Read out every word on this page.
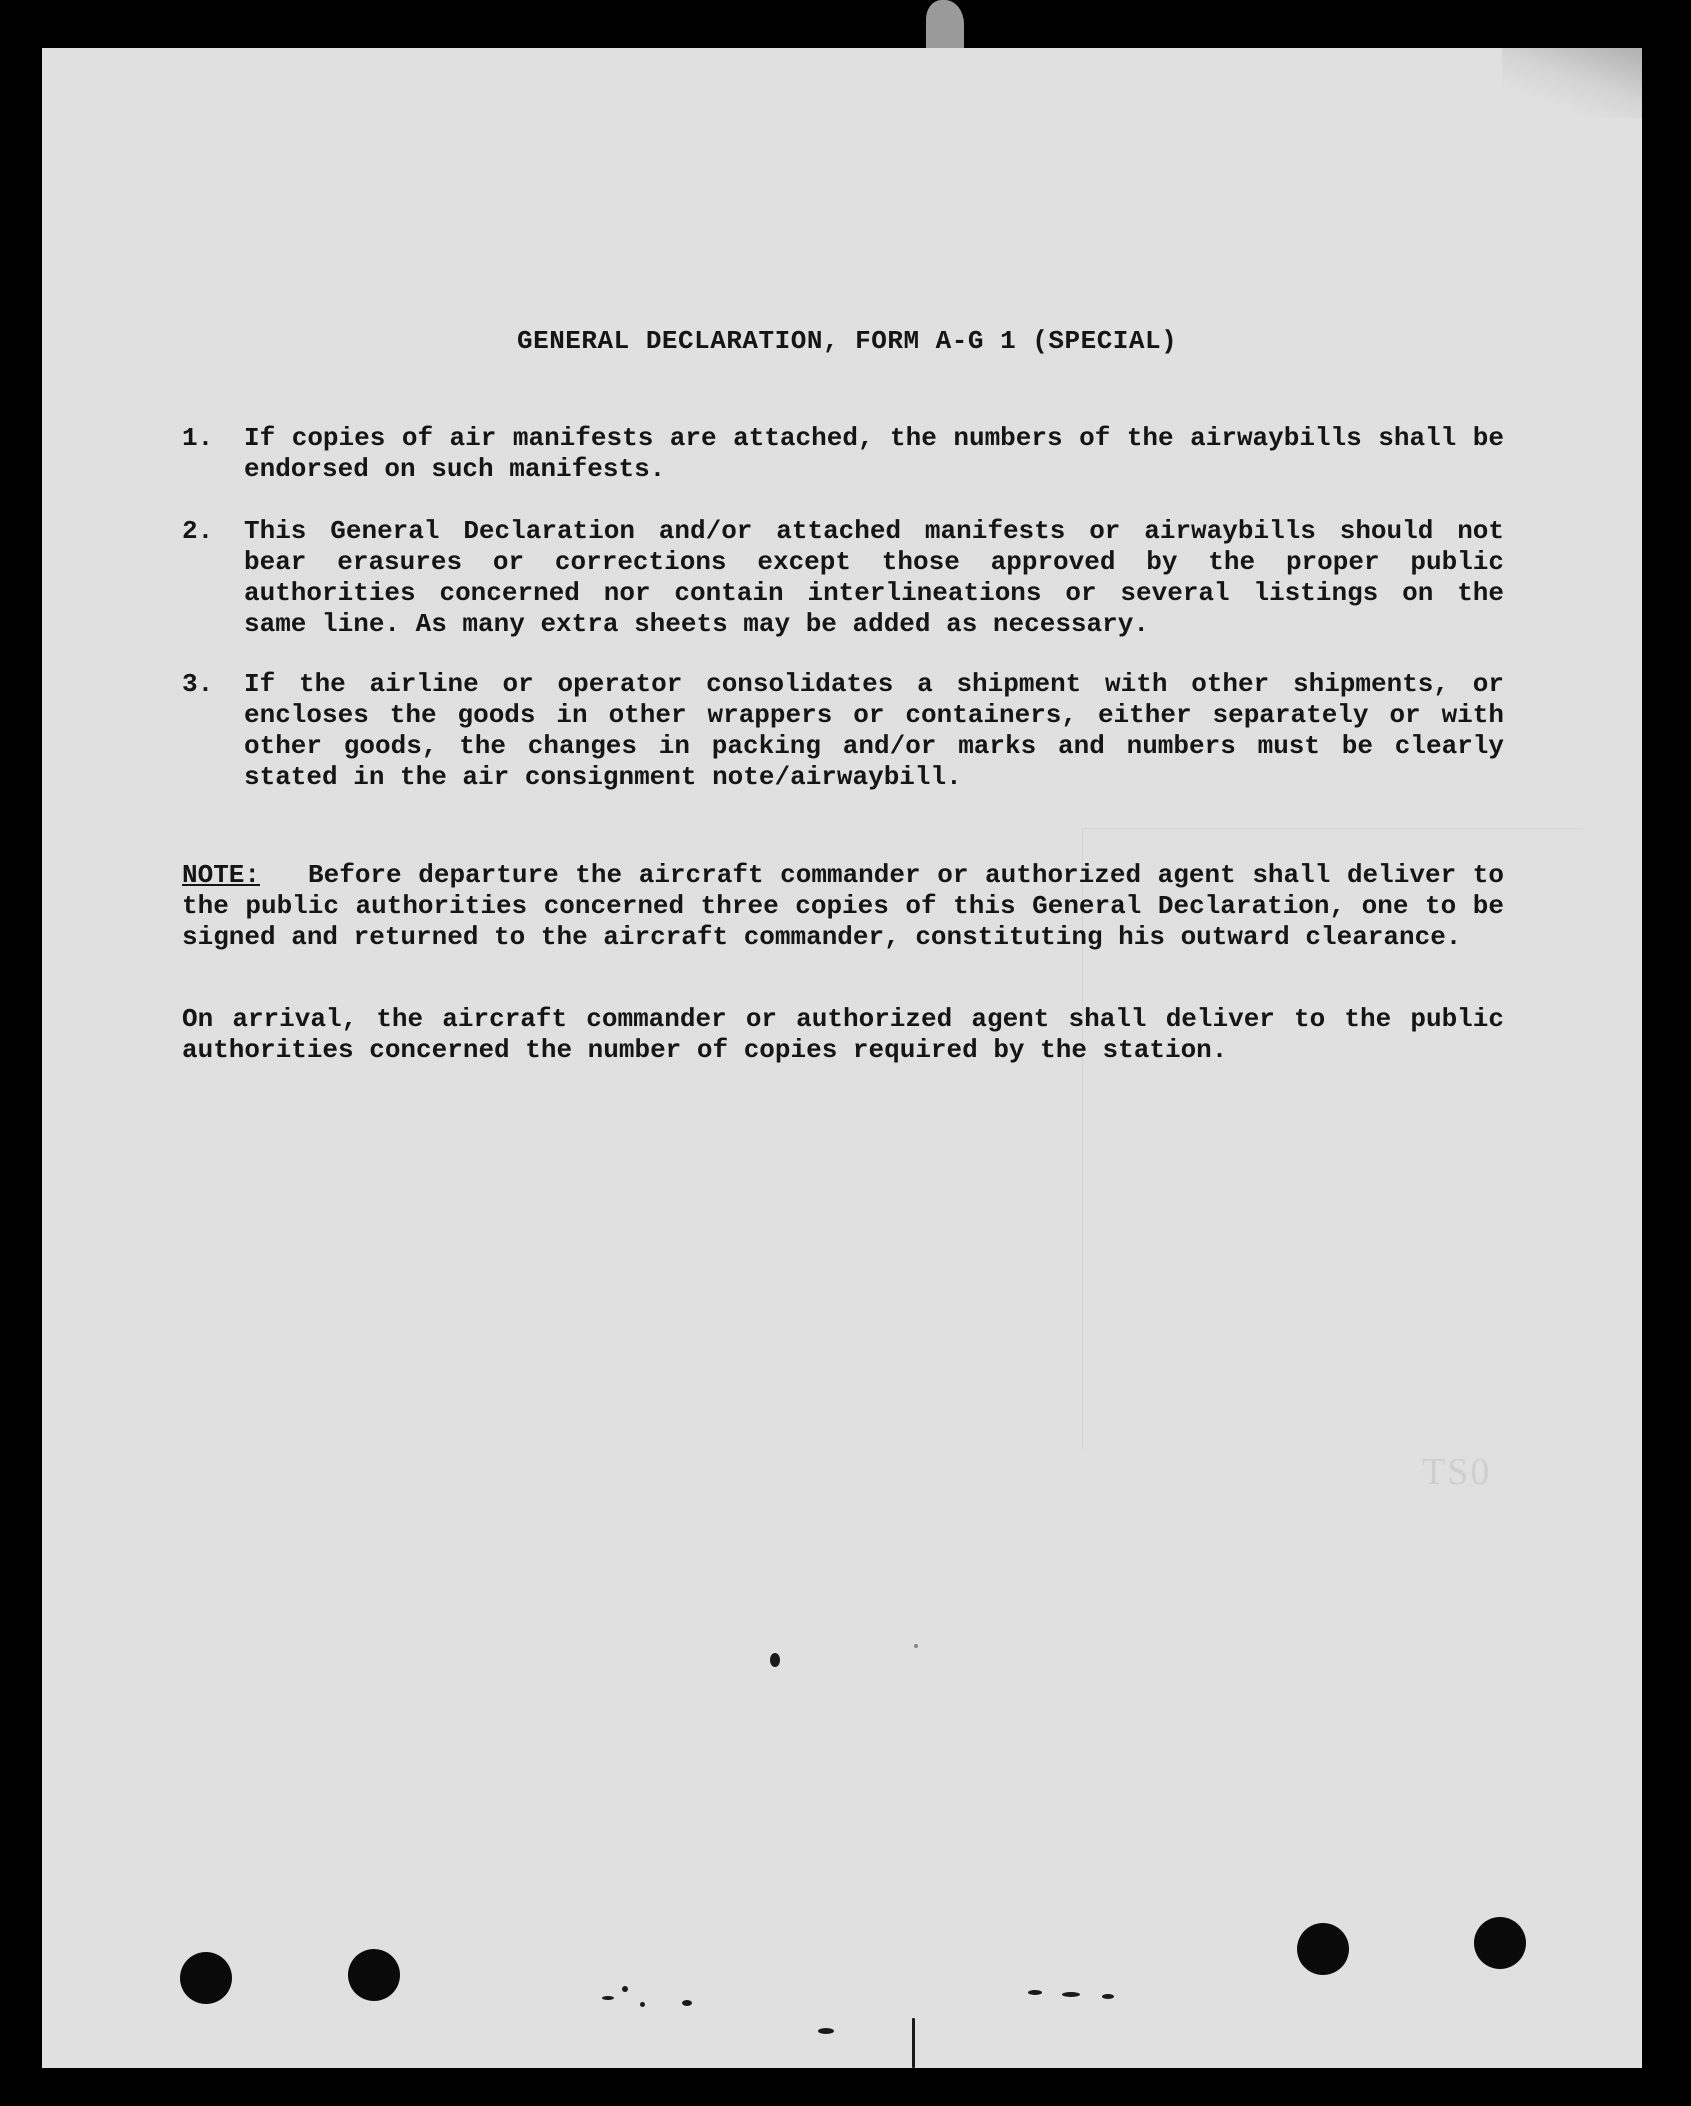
TS0
GENERAL DECLARATION, FORM A-G 1 (SPECIAL)
1. If copies of air manifests are attached, the numbers of the airwaybills shall be endorsed on such manifests.
2. This General Declaration and/or attached manifests or airwaybills should not bear erasures or corrections except those approved by the proper public authorities concerned nor contain interlineations or several listings on the same line. As many extra sheets may be added as necessary.
3. If the airline or operator consolidates a shipment with other shipments, or encloses the goods in other wrappers or containers, either separately or with other goods, the changes in packing and/or marks and numbers must be clearly stated in the air consignment note/airwaybill.
NOTE: Before departure the aircraft commander or authorized agent shall deliver to the public authorities concerned three copies of this General Declaration, one to be signed and returned to the aircraft commander, constituting his outward clearance.
On arrival, the aircraft commander or authorized agent shall deliver to the public authorities concerned the number of copies required by the station.
